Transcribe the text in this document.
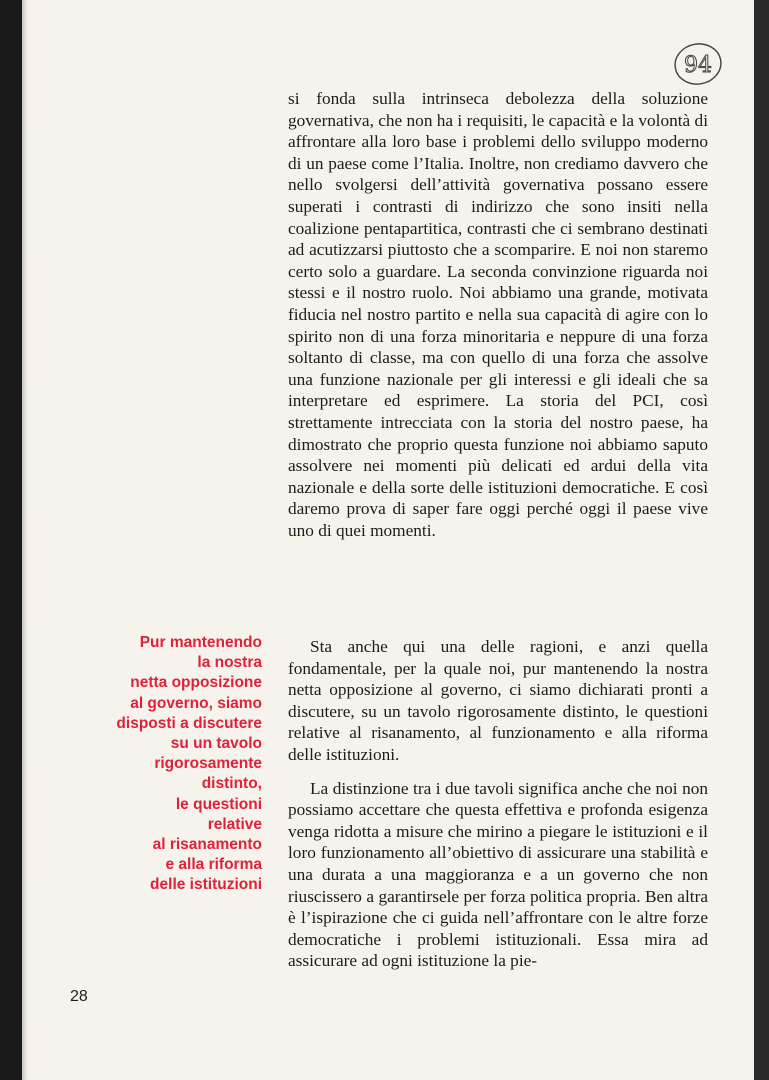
94

si fonda sulla intrinseca debolezza della soluzione governativa, che non ha i requisiti, le capacità e la volontà di affrontare alla loro base i problemi dello sviluppo moderno di un paese come l’Italia. Inoltre, non crediamo davvero che nello svolgersi dell’attività governativa possano essere superati i contrasti di indirizzo che sono insiti nella coalizione pentapartitica, contrasti che ci sembrano destinati ad acutizzarsi piuttosto che a scomparire. E noi non staremo certo solo a guardare. La seconda convinzione riguarda noi stessi e il nostro ruolo. Noi abbiamo una grande, motivata fiducia nel nostro partito e nella sua capacità di agire con lo spirito non di una forza minoritaria e neppure di una forza soltanto di classe, ma con quello di una forza che assolve una funzione nazionale per gli interessi e gli ideali che sa interpretare ed esprimere. La storia del PCI, così strettamente intrecciata con la storia del nostro paese, ha dimostrato che proprio questa funzione noi abbiamo saputo assolvere nei momenti più delicati ed ardui della vita nazionale e della sorte delle istituzioni democratiche. E così daremo prova di saper fare oggi perché oggi il paese vive uno di quei momenti.

Pur mantenendo
la nostra
netta opposizione
al governo, siamo
disposti a discutere
su un tavolo
rigorosamente
distinto,
le questioni
relative
al risanamento
e alla riforma
delle istituzioni

Sta anche qui una delle ragioni, e anzi quella fondamentale, per la quale noi, pur mantenendo la nostra netta opposizione al governo, ci siamo dichiarati pronti a discutere, su un tavolo rigorosamente distinto, le questioni relative al risanamento, al funzionamento e alla riforma delle istituzioni.

La distinzione tra i due tavoli significa anche che noi non possiamo accettare che questa effettiva e profonda esigenza venga ridotta a misure che mirino a piegare le istituzioni e il loro funzionamento all’obiettivo di assicurare una stabilità e una durata a una maggioranza e a un governo che non riuscissero a garantirsele per forza politica propria. Ben altra è l’ispirazione che ci guida nell’affrontare con le altre forze democratiche i problemi istituzionali. Essa mira ad assicurare ad ogni istituzione la pie-

28
